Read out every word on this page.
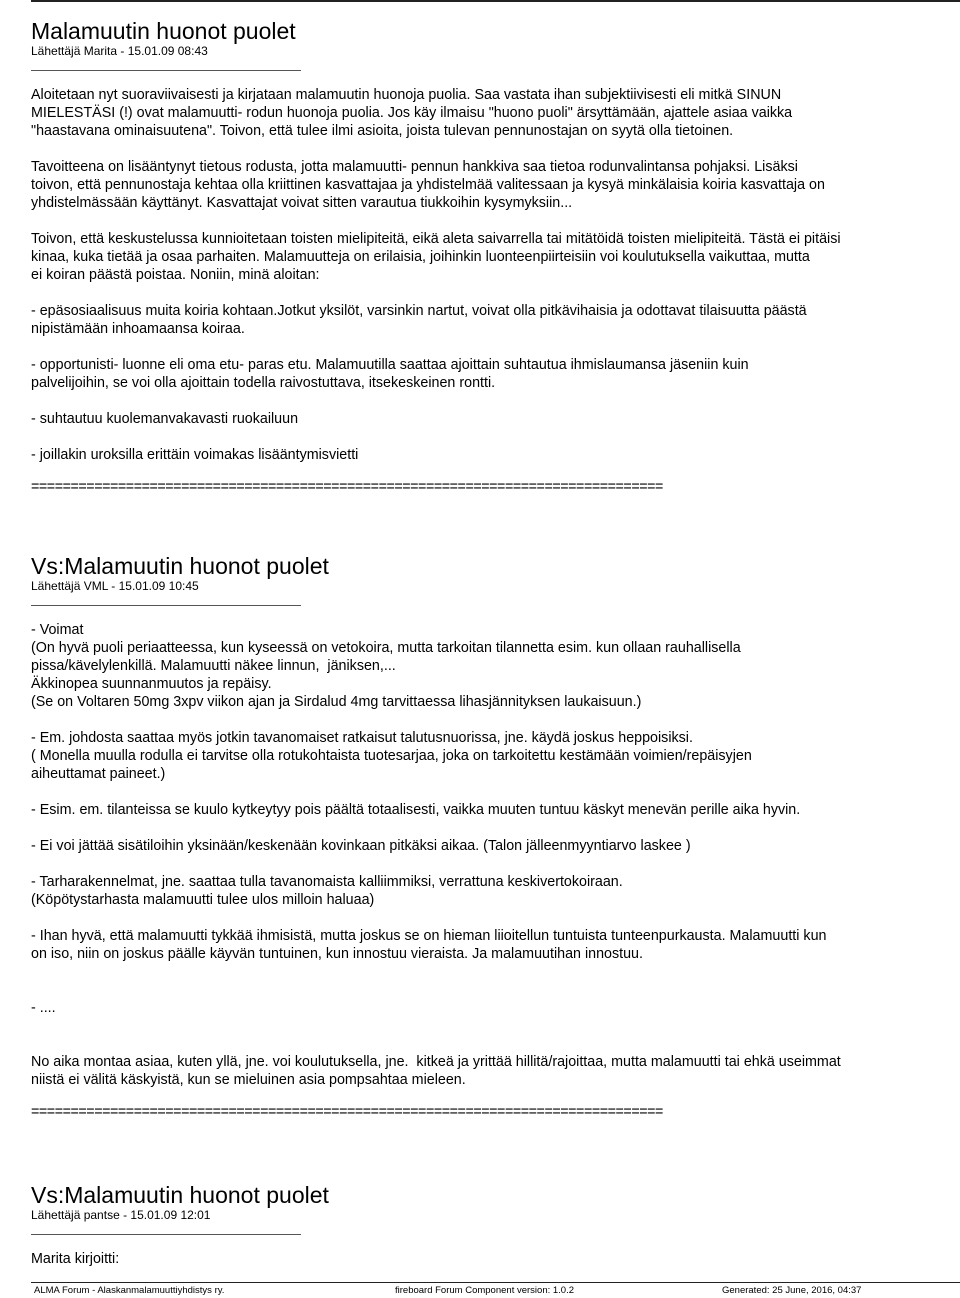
Malamuutin huonot puolet
Lähettäjä Marita - 15.01.09 08:43
Aloitetaan nyt suoraviivaisesti ja kirjataan malamuutin huonoja puolia. Saa vastata ihan subjektiivisesti eli mitkä SINUN
MIELESTÄSI (!) ovat malamuutti- rodun huonoja puolia. Jos käy ilmaisu "huono puoli" ärsyttämään, ajattele asiaa vaikka
"haastavana ominaisuutena". Toivon, että tulee ilmi asioita, joista tulevan pennunostajan on syytä olla tietoinen.

Tavoitteena on lisääntynyt tietous rodusta, jotta malamuutti- pennun hankkiva saa tietoa rodunvalintansa pohjaksi. Lisäksi
toivon, että pennunostaja kehtaa olla kriittinen kasvattajaa ja yhdistelmää valitessaan ja kysyä minkälaisia koiria kasvattaja on
yhdistelmässään käyttänyt. Kasvattajat voivat sitten varautua tiukkoihin kysymyksiin...

Toivon, että keskustelussa kunnioitetaan toisten mielipiteitä, eikä aleta saivarrella tai mitätöidä toisten mielipiteitä. Tästä ei pitäisi
kinaa, kuka tietää ja osaa parhaiten. Malamuutteja on erilaisia, joihinkin luonteenpiirteisiin voi koulutuksella vaikuttaa, mutta
ei koiran päästä poistaa. Noniin, minä aloitan:

- epäsosiaalisuus muita koiria kohtaan.Jotkut yksilöt, varsinkin nartut, voivat olla pitkävihaisia ja odottavat tilaisuutta päästä
nipistämään inhoamaansa koiraa.

- opportunisti- luonne eli oma etu- paras etu. Malamuutilla saattaa ajoittain suhtautua ihmislaumansa jäseniin kuin
palvelijoihin, se voi olla ajoittain todella raivostuttava, itsekeskeinen rontti.

- suhtautuu kuolemanvakavasti ruokailuun

- joillakin uroksilla erittäin voimakas lisääntymisvietti
================================================================================
Vs:Malamuutin huonot puolet
Lähettäjä VML - 15.01.09 10:45
- Voimat
(On hyvä puoli periaatteessa, kun kyseessä on vetokoira, mutta tarkoitan tilannetta esim. kun ollaan rauhallisella
pissa/kävelylenkillä. Malamuutti näkee linnun,  jäniksen,...
Äkkinopea suunnanmuutos ja repäisy.
(Se on Voltaren 50mg 3xpv viikon ajan ja Sirdalud 4mg tarvittaessa lihasjännityksen laukaisuun.)

- Em. johdosta saattaa myös jotkin tavanomaiset ratkaisut talutusnuorissa, jne. käydä joskus heppoisiksi.
( Monella muulla rodulla ei tarvitse olla rotukohtaista tuotesarjaa, joka on tarkoitettu kestämään voimien/repäisyjen
aiheuttamat paineet.)

- Esim. em. tilanteissa se kuulo kytkeytyy pois päältä totaalisesti, vaikka muuten tuntuu käskyt menevän perille aika hyvin.

- Ei voi jättää sisätiloihin yksinään/keskenään kovinkaan pitkäksi aikaa. (Talon jälleenmyyntiarvo laskee )

- Tarharakennelmat, jne. saattaa tulla tavanomaista kalliimmiksi, verrattuna keskivertokoiraan.
(Köpötystarhasta malamuutti tulee ulos milloin haluaa)

- Ihan hyvä, että malamuutti tykkää ihmisistä, mutta joskus se on hieman liioitellun tuntuista tunteenpurkausta. Malamuutti kun
on iso, niin on joskus päälle käyvän tuntuinen, kun innostuu vieraista. Ja malamuutihan innostuu.

- ....

No aika montaa asiaa, kuten yllä, jne. voi koulutuksella, jne.  kitkeä ja yrittää hillitä/rajoittaa, mutta malamuutti tai ehkä useimmat
niistä ei välitä käskyistä, kun se mieluinen asia pompsahtaa mieleen.
================================================================================
Vs:Malamuutin huonot puolet
Lähettäjä pantse - 15.01.09 12:01
Marita kirjoitti:
ALMA Forum - Alaskanmalamuuttiyhdistys ry.	fireboard Forum Component version: 1.0.2	Generated: 25 June, 2016, 04:37
